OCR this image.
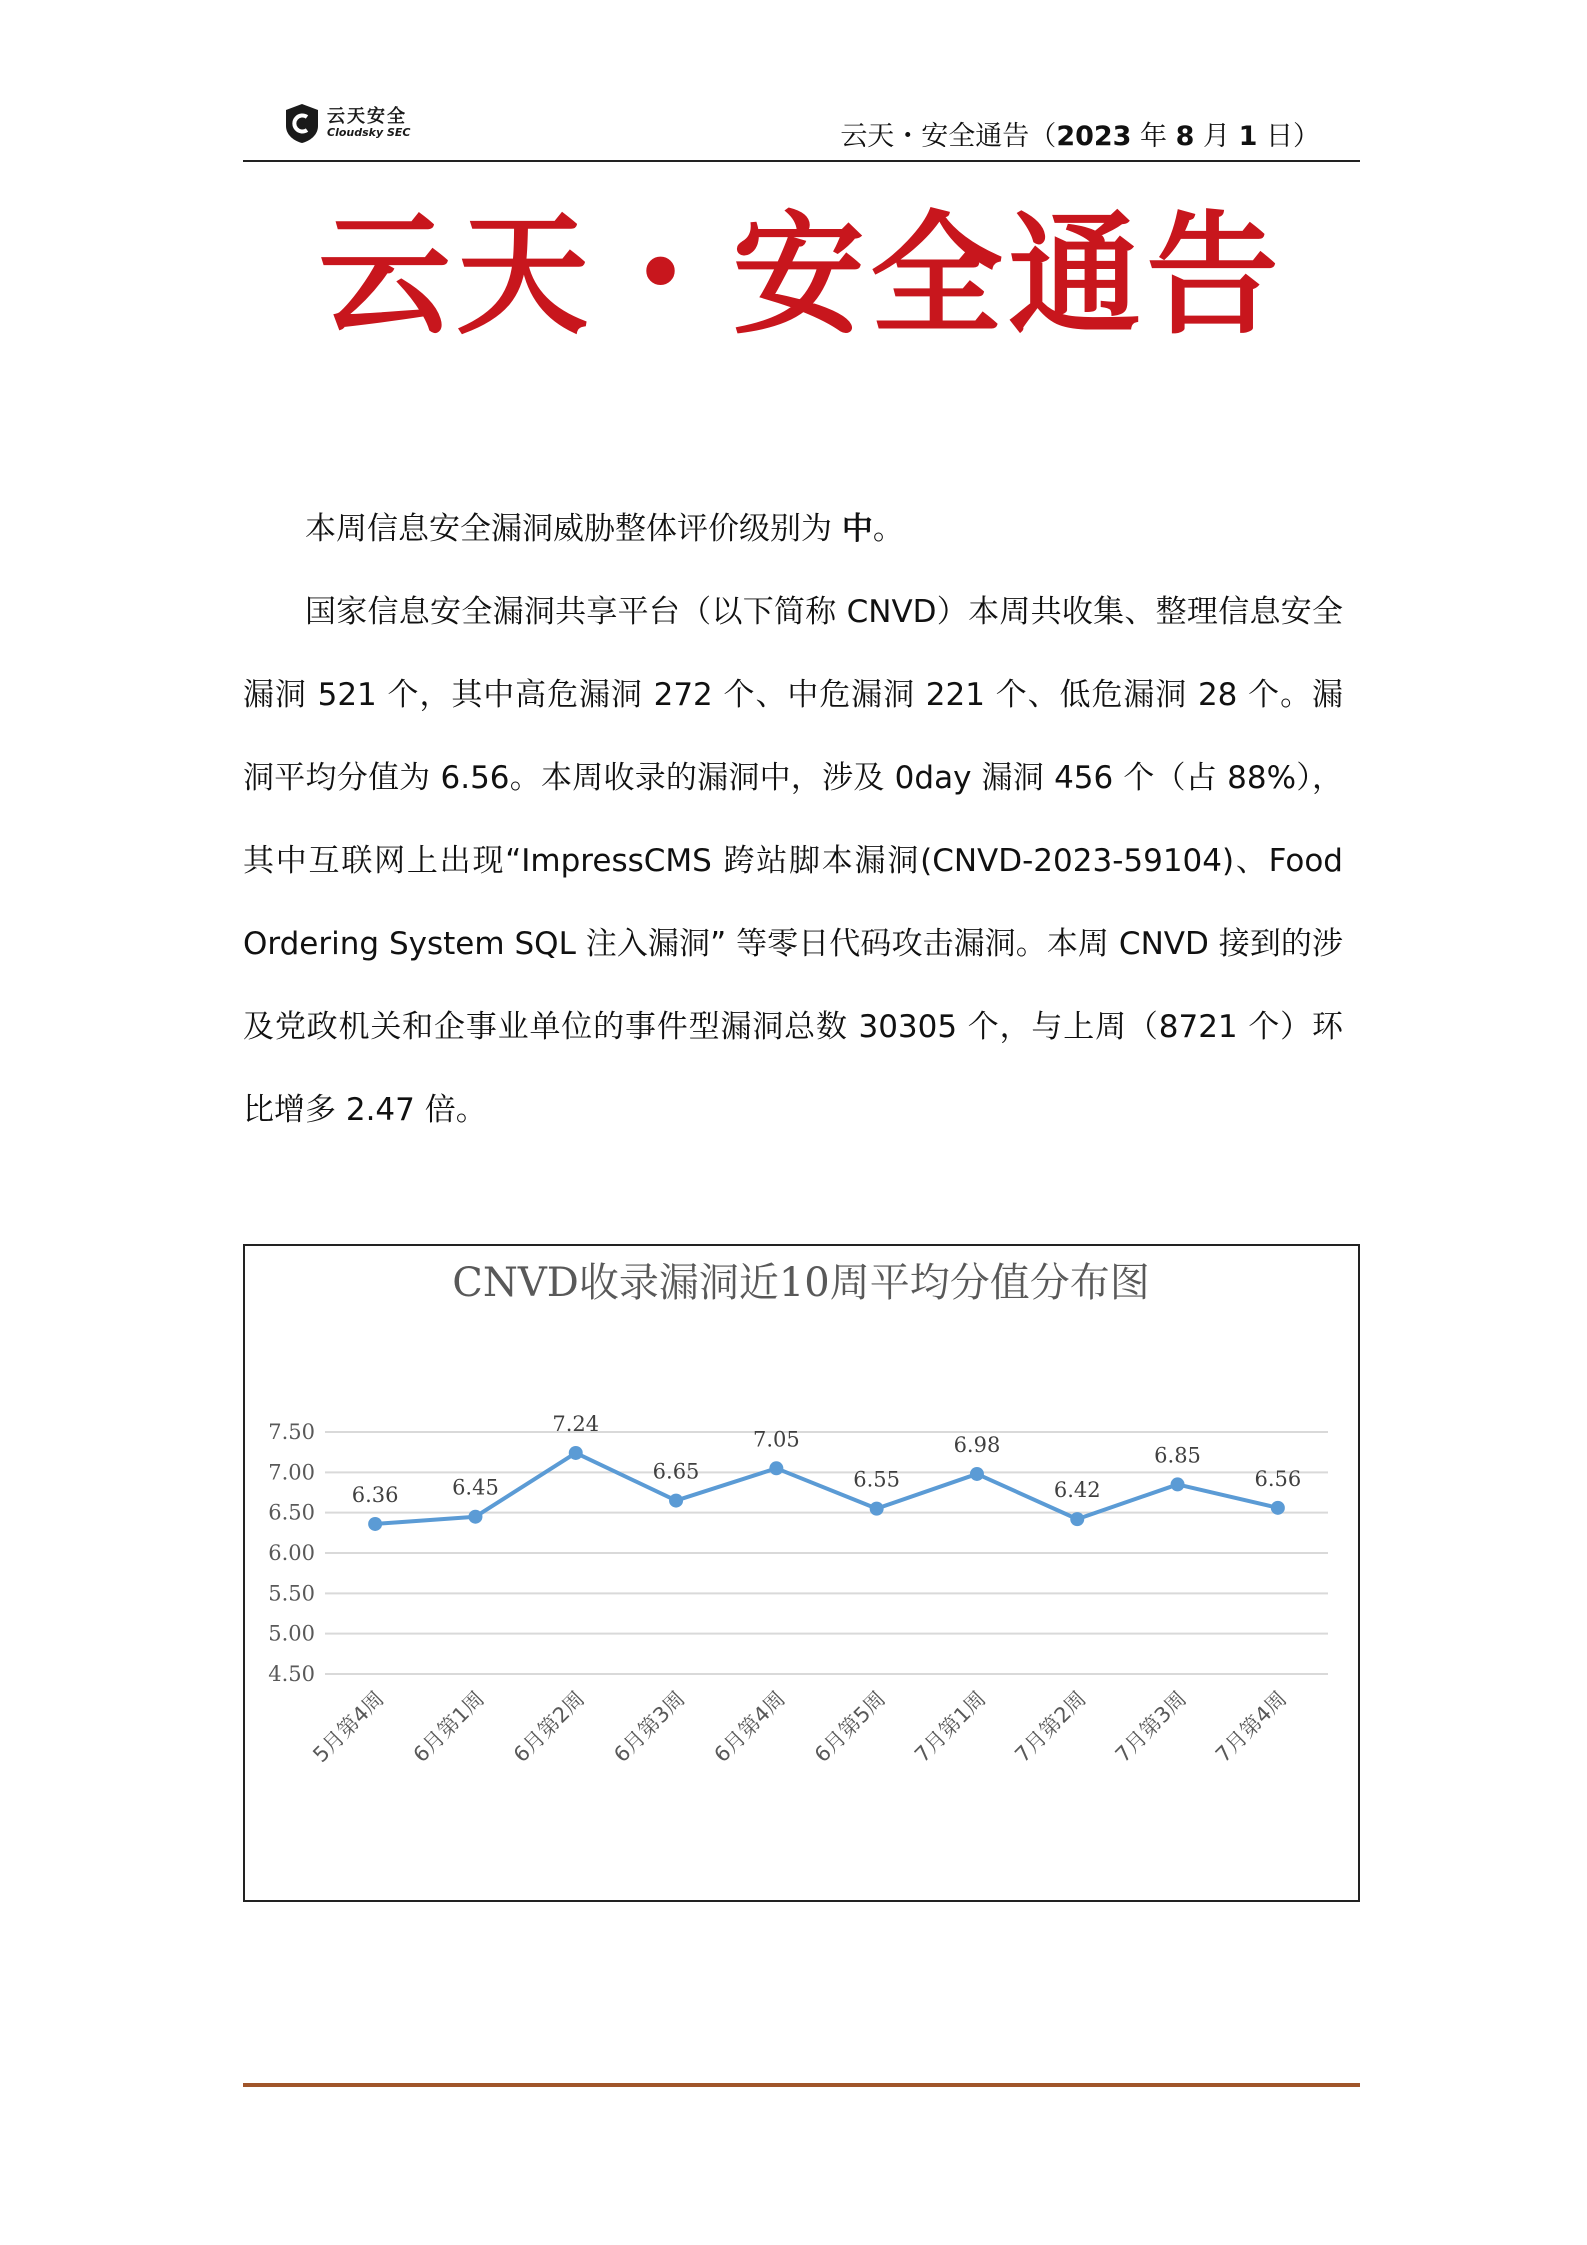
云天安全
Cloudsky SEC	云天・安全通告（2023 年 8 月 1 日）
云天・安全通告

本周信息安全漏洞威胁整体评价级别为 中。

国家信息安全漏洞共享平台（以下简称 CNVD）本周共收集、整理信息安全漏洞 521 个，其中高危漏洞 272 个、中危漏洞 221 个、低危漏洞 28 个。漏洞平均分值为 6.56。本周收录的漏洞中，涉及 0day 漏洞 456 个（占 88%），其中互联网上出现“ImpressCMS 跨站脚本漏洞(CNVD-2023-59104)、Food Ordering System SQL 注入漏洞” 等零日代码攻击漏洞。本周 CNVD 接到的涉及党政机关和企事业单位的事件型漏洞总数 30305 个，与上周（8721 个）环比增多 2.47 倍。

CNVD收录漏洞近10周平均分值分布图
7.50
7.00
6.50
6.00
5.50
5.00
4.50
6.36	6.45
7.24
6.65
7.05
6.55
6.98
6.42
6.85
6.56
5月第4周 6月第1周 6月第2周 6月第3周 6月第4周 6月第5周 7月第1周 7月第2周 7月第3周 7月第4周
